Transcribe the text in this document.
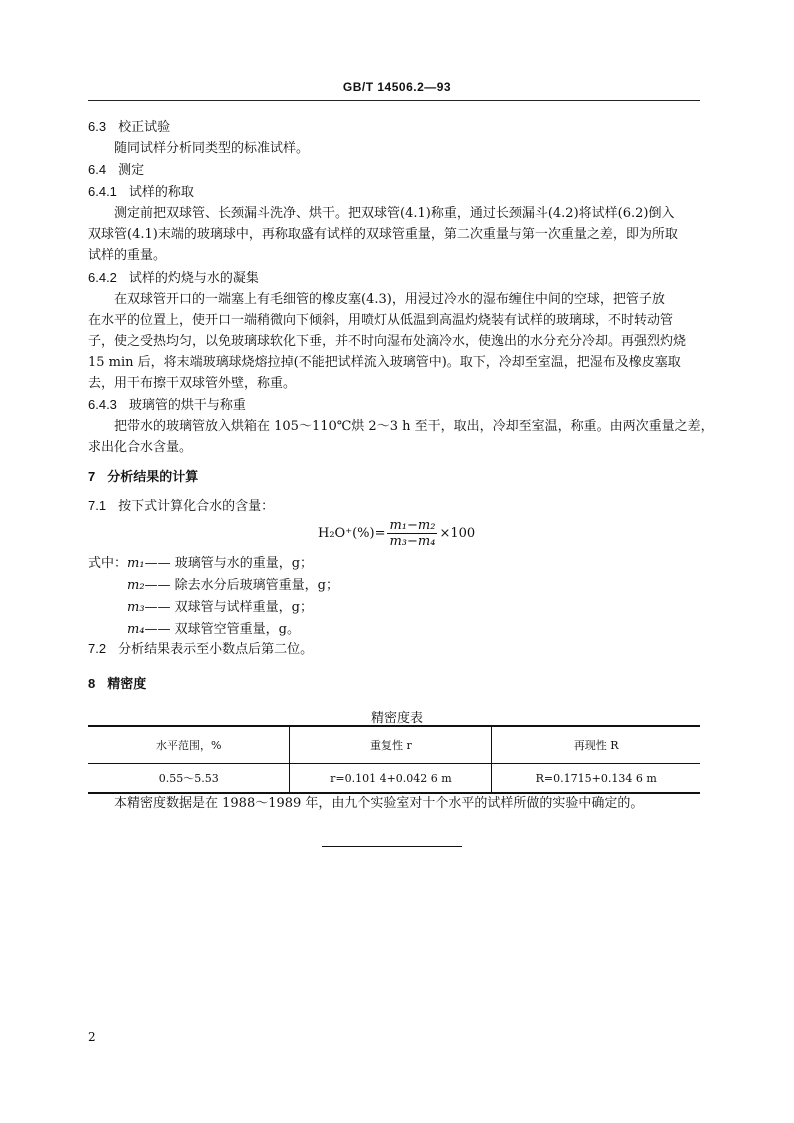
GB/T 14506.2—93
6.3 校正试验
随同试样分析同类型的标准试样。
6.4 测定
6.4.1 试样的称取
测定前把双球管、长颈漏斗洗净、烘干。把双球管(4.1)称重，通过长颈漏斗(4.2)将试样(6.2)倒入
双球管(4.1)末端的玻璃球中，再称取盛有试样的双球管重量，第二次重量与第一次重量之差，即为所取
试样的重量。
6.4.2 试样的灼烧与水的凝集
在双球管开口的一端塞上有毛细管的橡皮塞(4.3)，用浸过冷水的湿布缠住中间的空球，把管子放
在水平的位置上，使开口一端稍微向下倾斜，用喷灯从低温到高温灼烧装有试样的玻璃球，不时转动管
子，使之受热均匀，以免玻璃球软化下垂，并不时向湿布处滴冷水，使逸出的水分充分冷却。再强烈灼烧
15 min 后，将末端玻璃球烧熔拉掉(不能把试样流入玻璃管中)。取下，冷却至室温，把湿布及橡皮塞取
去，用干布擦干双球管外壁，称重。
6.4.3 玻璃管的烘干与称重
把带水的玻璃管放入烘箱在 105～110℃烘 2～3 h 至干，取出，冷却至室温，称重。由两次重量之差，
求出化合水含量。
7 分析结果的计算
7.1 按下式计算化合水的含量：
$H_2O^+(\%)= \frac{\text{m₁−m₂}}{\text{m₃−m₄}} \times 100$
式中：m₁—— 玻璃管与水的重量，g；
m₂—— 除去水分后玻璃管重量，g；
m₃—— 双球管与试样重量，g；
m₄—— 双球管空管重量，g。
7.2 分析结果表示至小数点后第二位。
8 精密度
精密度表
水平范围，%	重复性 r	再现性 R
0.55～5.53	r=0.101 4+0.042 6 m	R=0.1715+0.134 6 m
本精密度数据是在 1988～1989 年，由九个实验室对十个水平的试样所做的实验中确定的。
2
